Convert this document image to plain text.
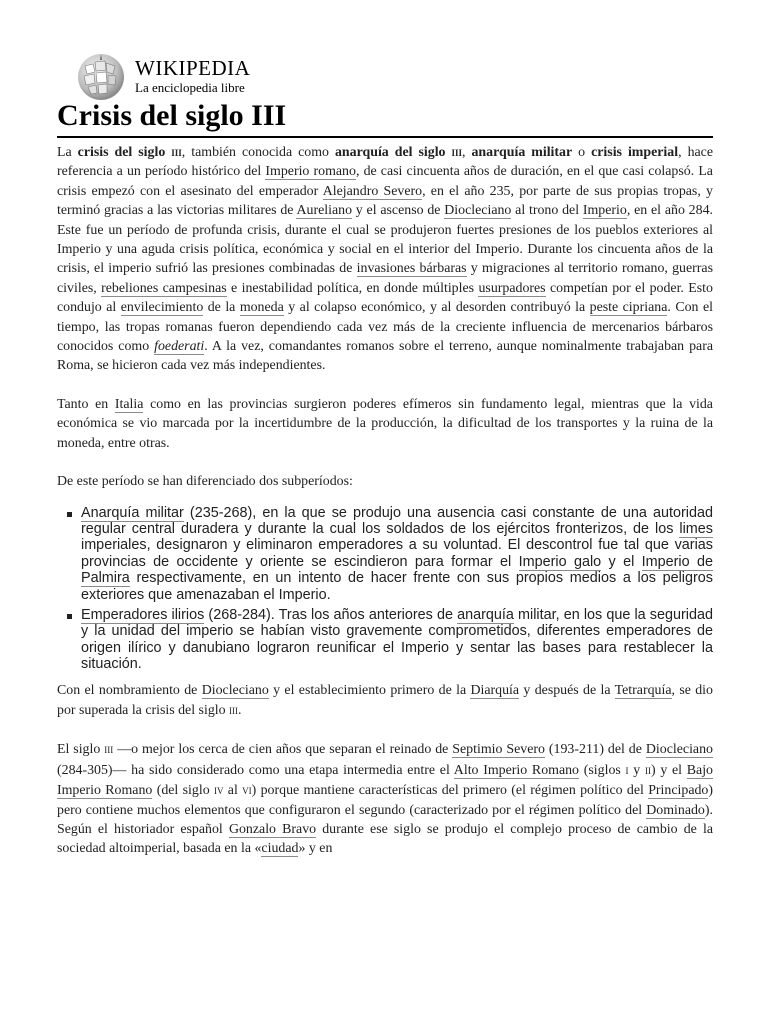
WIKIPEDIA
La enciclopedia libre
Crisis del siglo III

La crisis del siglo iii, también conocida como anarquía del siglo iii, anarquía militar o crisis imperial, hace referencia a un período histórico del Imperio romano, de casi cincuenta años de duración, en el que casi colapsó. La crisis empezó con el asesinato del emperador Alejandro Severo, en el año 235, por parte de sus propias tropas, y terminó gracias a las victorias militares de Aureliano y el ascenso de Diocleciano al trono del Imperio, en el año 284. Este fue un período de profunda crisis, durante el cual se produjeron fuertes presiones de los pueblos exteriores al Imperio y una aguda crisis política, económica y social en el interior del Imperio. Durante los cincuenta años de la crisis, el imperio sufrió las presiones combinadas de invasiones bárbaras y migraciones al territorio romano, guerras civiles, rebeliones campesinas e inestabilidad política, en donde múltiples usurpadores competían por el poder. Esto condujo al envilecimiento de la moneda y al colapso económico, y al desorden contribuyó la peste cipriana. Con el tiempo, las tropas romanas fueron dependiendo cada vez más de la creciente influencia de mercenarios bárbaros conocidos como foederati. A la vez, comandantes romanos sobre el terreno, aunque nominalmente trabajaban para Roma, se hicieron cada vez más independientes.

Tanto en Italia como en las provincias surgieron poderes efímeros sin fundamento legal, mientras que la vida económica se vio marcada por la incertidumbre de la producción, la dificultad de los transportes y la ruina de la moneda, entre otras.

De este período se han diferenciado dos subperíodos:

Anarquía militar (235-268), en la que se produjo una ausencia casi constante de una autoridad regular central duradera y durante la cual los soldados de los ejércitos fronterizos, de los limes imperiales, designaron y eliminaron emperadores a su voluntad. El descontrol fue tal que varias provincias de occidente y oriente se escindieron para formar el Imperio galo y el Imperio de Palmira respectivamente, en un intento de hacer frente con sus propios medios a los peligros exteriores que amenazaban el Imperio.
Emperadores ilirios (268-284). Tras los años anteriores de anarquía militar, en los que la seguridad y la unidad del imperio se habían visto gravemente comprometidos, diferentes emperadores de origen ilírico y danubiano lograron reunificar el Imperio y sentar las bases para restablecer la situación.

Con el nombramiento de Diocleciano y el establecimiento primero de la Diarquía y después de la Tetrarquía, se dio por superada la crisis del siglo iii.

El siglo iii —o mejor los cerca de cien años que separan el reinado de Septimio Severo (193-211) del de Diocleciano (284-305)— ha sido considerado como una etapa intermedia entre el Alto Imperio Romano (siglos i y ii) y el Bajo Imperio Romano (del siglo iv al vi) porque mantiene características del primero (el régimen político del Principado) pero contiene muchos elementos que configuraron el segundo (caracterizado por el régimen político del Dominado). Según el historiador español Gonzalo Bravo durante ese siglo se produjo el complejo proceso de cambio de la sociedad altoimperial, basada en la «ciudad» y en
